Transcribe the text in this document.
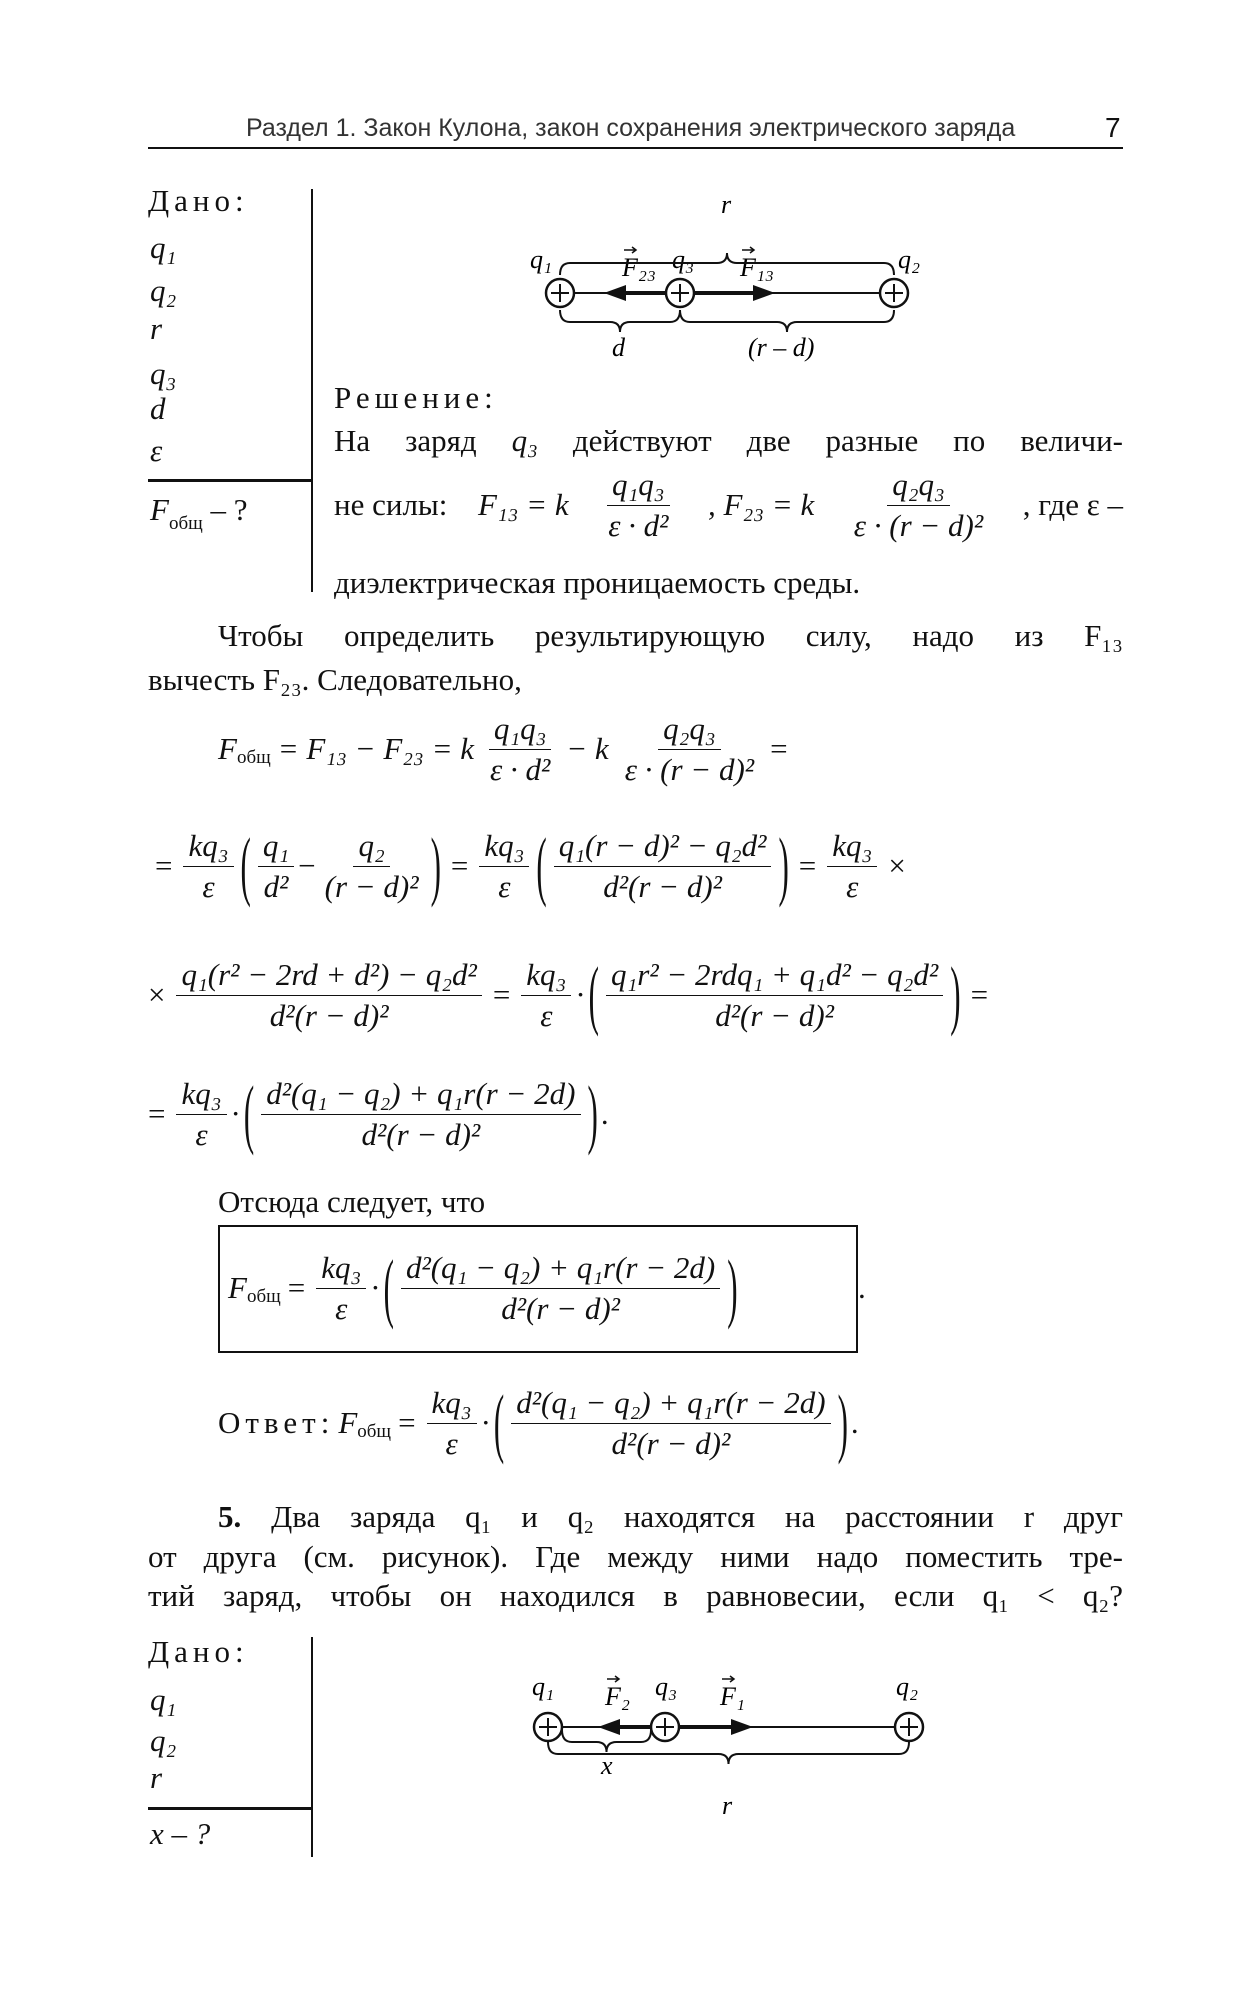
Раздел 1. Закон Кулона, закон сохранения электрического заряда	7
Дано:
q₁
q₂
r
q₃
d
ε
$F_{общ}$ – ?
r
q₁	F₂₃ q₃ F₁₃	q₂
d	(r – d)
q₁ F₂ q₃ F₁	q₂
x
r
Решение:
На заряд q₃ действуют две разные по величи-
не силы: F₁₃ = k $\frac{\text{q₁q₃}}{\text{ε · d²}}$ , F₂₃ = k $\frac{\text{q₂q₃}}{\text{ε · (r − d)²}}$ , где ε –
диэлектрическая проницаемость среды.
Чтобы определить результирующую силу, надо из F₁₃
вычесть F₂₃. Следовательно,
F общ = F₁₃ − F₂₃ = k $\frac{\text{q₁q₃}}{\text{ε · d²}} - k \frac{\text{q₂q₃}}{\text{ε · (r − d)²}}$ =
= $\frac{\text{kq₃}}{\varepsilon}$ ( $\frac{\text{q₁}}{\text{d²}} - \frac{\text{q₂}}{\text{(r − d)²}}$ ) = $\frac{\text{kq₃}}{\varepsilon}$ ( $\frac{\text{q₁(r − d)² − q₂d²}}{\text{d²(r − d)²}}$ ) = $\frac{\text{kq₃}}{\varepsilon}$ ×
× $\frac{\text{q₁(r² − 2rd + d²) − q₂d²}}{\text{d²(r − d)²}} = \frac{\text{kq₃}}{\varepsilon}$ · ( $\frac{\text{q₁r² − 2rdq₁ + q₁d² − q₂d²}}{\text{d²(r − d)²}}$ ) =
= $\frac{\text{kq₃}}{\varepsilon}$ · ( $\frac{\text{d²(q₁ − q₂) + q₁r(r − 2d)}}{\text{d²(r − d)²}}$ ) .
Отсюда следует, что
F общ = $\frac{\text{kq₃}}{\varepsilon}$ · ( $\frac{\text{d²(q₁ − q₂) + q₁r(r − 2d)}}{\text{d²(r − d)²}}$ )	.
Ответ: F общ = $\frac{\text{kq₃}}{\varepsilon}$ · ( $\frac{\text{d²(q₁ − q₂) + q₁r(r − 2d)}}{\text{d²(r − d)²}}$ ) .
5. Два заряда q₁ и q₂ находятся на расстоянии r друг
от друга (см. рисунок). Где между ними надо поместить тре-
тий заряд, чтобы он находился в равновесии, если q₁ < q₂?
Дано:
q₁
q₂
r
x – ?
